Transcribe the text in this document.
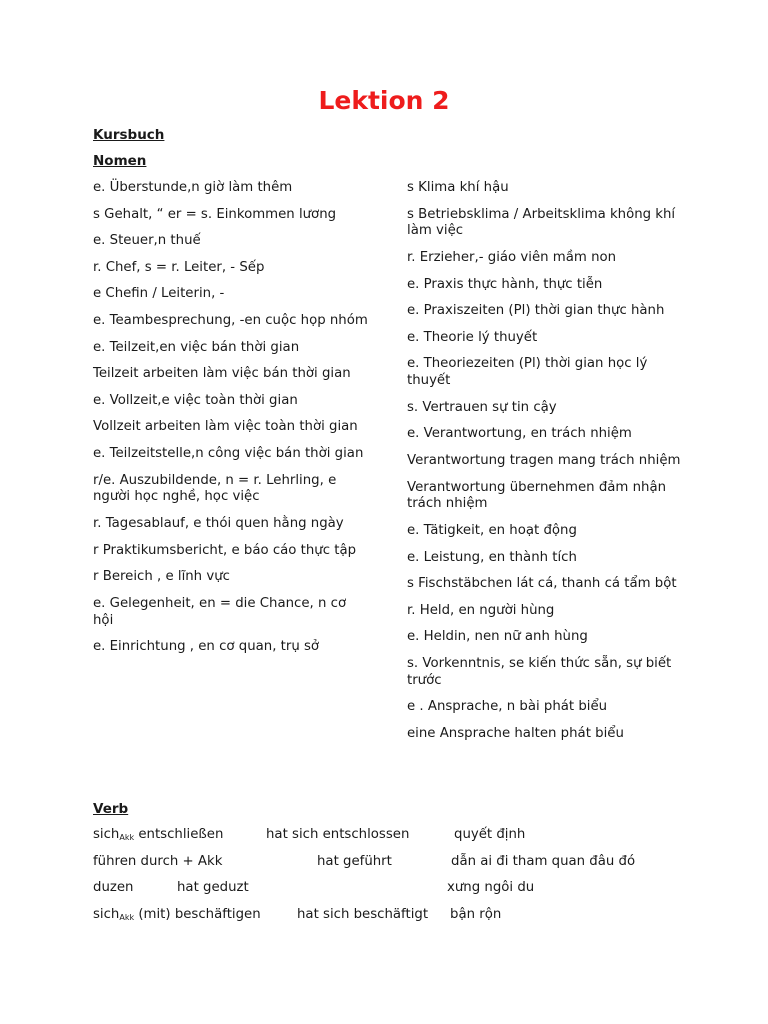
Lektion 2
Kursbuch
Nomen
e. Überstunde,n giờ làm thêm
s Gehalt, “ er = s. Einkommen lương
e. Steuer,n thuế
r. Chef, s = r. Leiter, - Sếp
e Chefin / Leiterin, -
e. Teambesprechung, -en cuộc họp nhóm
e. Teilzeit,en việc bán thời gian
Teilzeit arbeiten làm việc bán thời gian
e. Vollzeit,e việc toàn thời gian
Vollzeit arbeiten làm việc toàn thời gian
e. Teilzeitstelle,n công việc bán thời gian
r/e. Auszubildende, n = r. Lehrling, e người học nghề, học việc
r. Tagesablauf, e thói quen hằng ngày
r Praktikumsbericht, e báo cáo thực tập
r Bereich , e lĩnh vực
e. Gelegenheit, en = die Chance, n cơ hội
e. Einrichtung , en cơ quan, trụ sở
s Klima khí hậu
s Betriebsklima / Arbeitsklima không khí làm việc
r. Erzieher,- giáo viên mầm non
e. Praxis thực hành, thực tiễn
e. Praxiszeiten (Pl) thời gian thực hành
e. Theorie lý thuyết
e. Theoriezeiten (Pl) thời gian học lý thuyết
s. Vertrauen sự tin cậy
e. Verantwortung, en trách nhiệm
Verantwortung tragen mang trách nhiệm
Verantwortung übernehmen đảm nhận trách nhiệm
e. Tätigkeit, en hoạt động
e. Leistung, en thành tích
s Fischstäbchen lát cá, thanh cá tẩm bột
r. Held, en người hùng
e. Heldin, nen nữ anh hùng
s. Vorkenntnis, se kiến thức sẵn, sự biết trước
e . Ansprache, n bài phát biểu
eine Ansprache halten phát biểu
Verb
sich$_{Akk}$ entschließen	hat sich entschlossen	quyết định
führen durch + Akk	hat geführt	dẫn ai đi tham quan đâu đó
duzen	hat geduzt	xưng ngôi du
sich$_{Akk}$ (mit) beschäftigen	hat sich beschäftigt bận rộn
